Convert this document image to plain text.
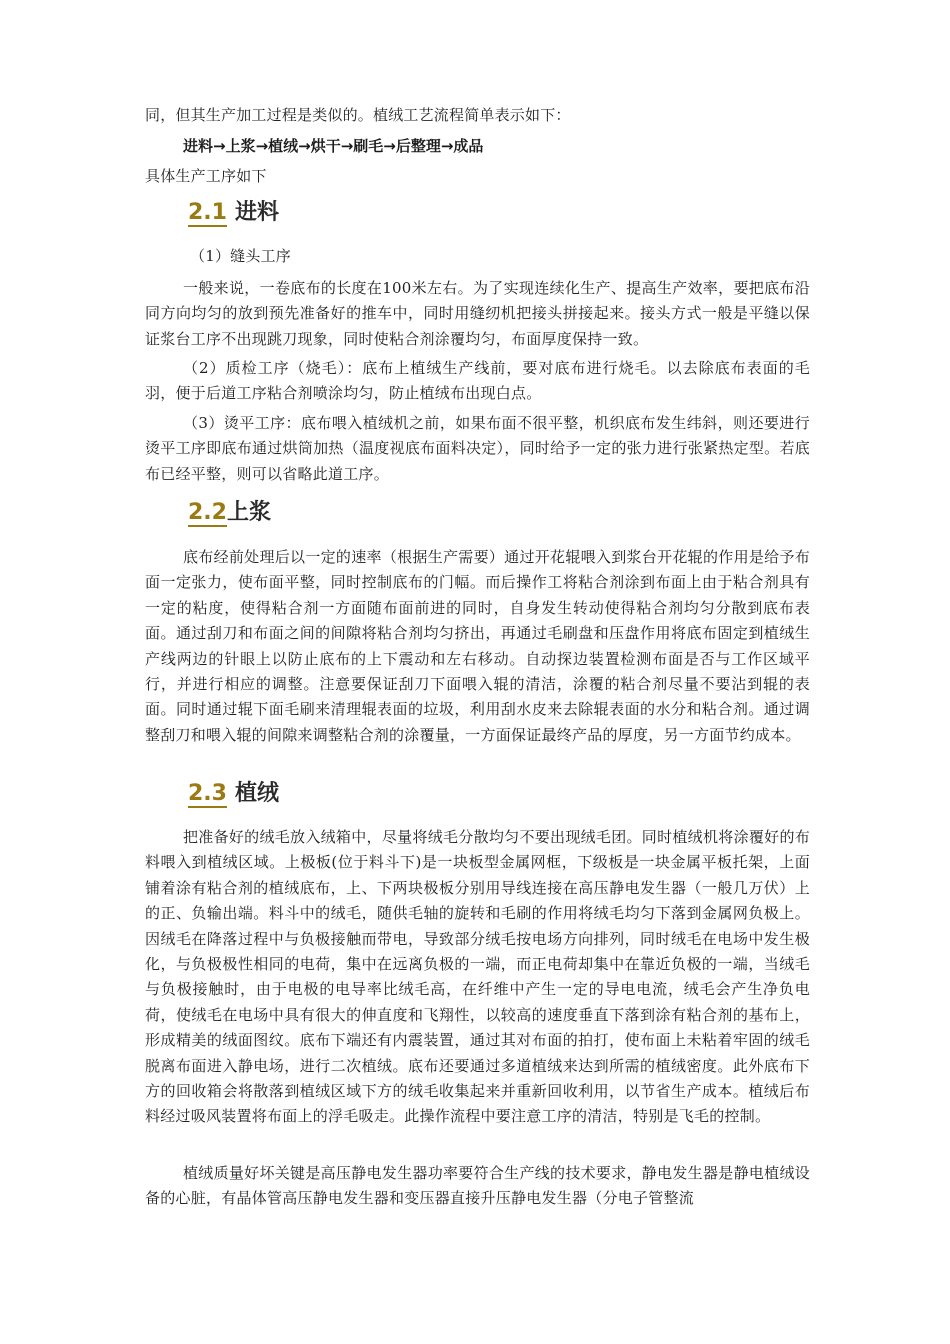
同，但其生产加工过程是类似的。植绒工艺流程简单表示如下：
进料→上浆→植绒→烘干→刷毛→后整理→成品
具体生产工序如下
2.1 进料
（1）缝头工序

一般来说，一卷底布的长度在100米左右。为了实现连续化生产、提高生产效率，要把底布沿同方向均匀的放到预先准备好的推车中，同时用缝纫机把接头拼接起来。接头方式一般是平缝以保证浆台工序不出现跳刀现象，同时使粘合剂涂覆均匀，布面厚度保持一致。

（2）质检工序（烧毛）：底布上植绒生产线前，要对底布进行烧毛。以去除底布表面的毛羽，便于后道工序粘合剂喷涂均匀，防止植绒布出现白点。

（3）烫平工序：底布喂入植绒机之前，如果布面不很平整，机织底布发生纬斜，则还要进行烫平工序即底布通过烘筒加热（温度视底布面料决定），同时给予一定的张力进行张紧热定型。若底布已经平整，则可以省略此道工序。

2.2上浆

底布经前处理后以一定的速率（根据生产需要）通过开花辊喂入到浆台开花辊的作用是给予布面一定张力，使布面平整，同时控制底布的门幅。而后操作工将粘合剂涂到布面上由于粘合剂具有一定的粘度，使得粘合剂一方面随布面前进的同时，自身发生转动使得粘合剂均匀分散到底布表面。通过刮刀和布面之间的间隙将粘合剂均匀挤出，再通过毛刷盘和压盘作用将底布固定到植绒生产线两边的针眼上以防止底布的上下震动和左右移动。自动探边装置检测布面是否与工作区域平行，并进行相应的调整。注意要保证刮刀下面喂入辊的清洁，涂覆的粘合剂尽量不要沾到辊的表面。同时通过辊下面毛刷来清理辊表面的垃圾，利用刮水皮来去除辊表面的水分和粘合剂。通过调整刮刀和喂入辊的间隙来调整粘合剂的涂覆量，一方面保证最终产品的厚度，另一方面节约成本。

2.3 植绒

把准备好的绒毛放入绒箱中，尽量将绒毛分散均匀不要出现绒毛团。同时植绒机将涂覆好的布料喂入到植绒区域。上极板(位于料斗下)是一块板型金属网框，下级板是一块金属平板托架，上面铺着涂有粘合剂的植绒底布，上、下两块极板分别用导线连接在高压静电发生器（一般几万伏）上的正、负输出端。料斗中的绒毛，随供毛轴的旋转和毛刷的作用将绒毛均匀下落到金属网负极上。因绒毛在降落过程中与负极接触而带电，导致部分绒毛按电场方向排列，同时绒毛在电场中发生极化，与负极极性相同的电荷，集中在远离负极的一端，而正电荷却集中在靠近负极的一端，当绒毛与负极接触时，由于电极的电导率比绒毛高，在纤维中产生一定的导电电流，绒毛会产生净负电荷，使绒毛在电场中具有很大的伸直度和飞翔性，以较高的速度垂直下落到涂有粘合剂的基布上，形成精美的绒面图纹。底布下端还有内震装置，通过其对布面的拍打，使布面上未粘着牢固的绒毛脱离布面进入静电场，进行二次植绒。底布还要通过多道植绒来达到所需的植绒密度。此外底布下方的回收箱会将散落到植绒区域下方的绒毛收集起来并重新回收利用，以节省生产成本。植绒后布料经过吸风装置将布面上的浮毛吸走。此操作流程中要注意工序的清洁，特别是飞毛的控制。

植绒质量好坏关键是高压静电发生器功率要符合生产线的技术要求，静电发生器是静电植绒设备的心脏，有晶体管高压静电发生器和变压器直接升压静电发生器（分电子管整流
